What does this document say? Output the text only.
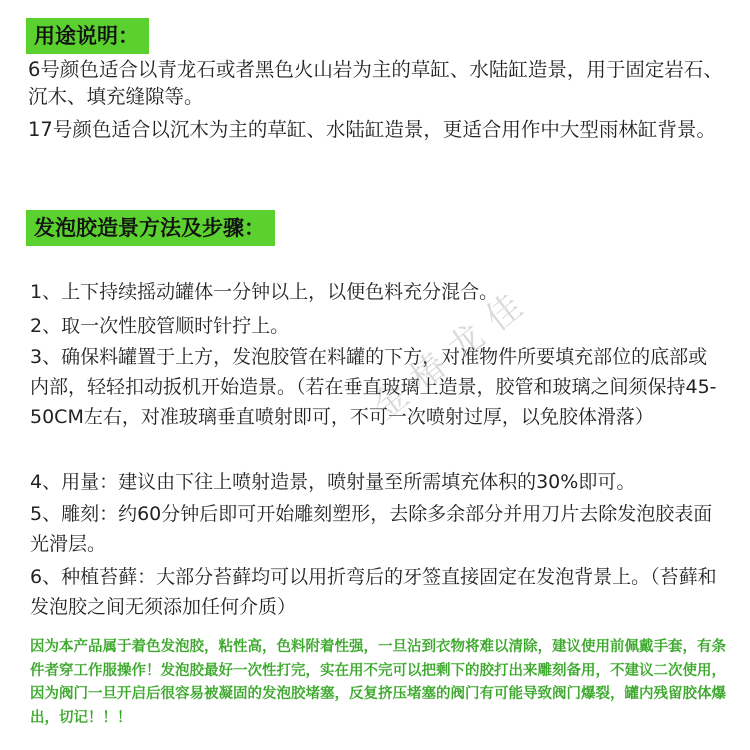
用途说明：

6号颜色适合以青龙石或者黑色火山岩为主的草缸、水陆缸造景，用于固定岩石、沉木、填充缝隙等。

17号颜色适合以沉木为主的草缸、水陆缸造景，更适合用作中大型雨林缸背景。

发泡胶造景方法及步骤：

1、上下持续摇动罐体一分钟以上，以便色料充分混合。

2、取一次性胶管顺时针拧上。

3、确保料罐置于上方，发泡胶管在料罐的下方，对准物件所要填充部位的底部或内部，轻轻扣动扳机开始造景。（若在垂直玻璃上造景，胶管和玻璃之间须保持45-50CM左右，对准玻璃垂直喷射即可，不可一次喷射过厚，以免胶体滑落）

4、用量：建议由下往上喷射造景，喷射量至所需填充体积的30%即可。

5、雕刻：约60分钟后即可开始雕刻塑形，去除多余部分并用刀片去除发泡胶表面光滑层。

6、种植苔藓：大部分苔藓均可以用折弯后的牙签直接固定在发泡背景上。（苔藓和发泡胶之间无须添加任何介质）

因为本产品属于着色发泡胶，粘性高，色料附着性强，一旦沾到衣物将难以清除，建议使用前佩戴手套，有条件者穿工作服操作！发泡胶最好一次性打完，实在用不完可以把剩下的胶打出来雕刻备用，不建议二次使用，因为阀门一旦开启后很容易被凝固的发泡胶堵塞，反复挤压堵塞的阀门有可能导致阀门爆裂，罐内残留胶体爆出，切记！！！

金椿龙佳
